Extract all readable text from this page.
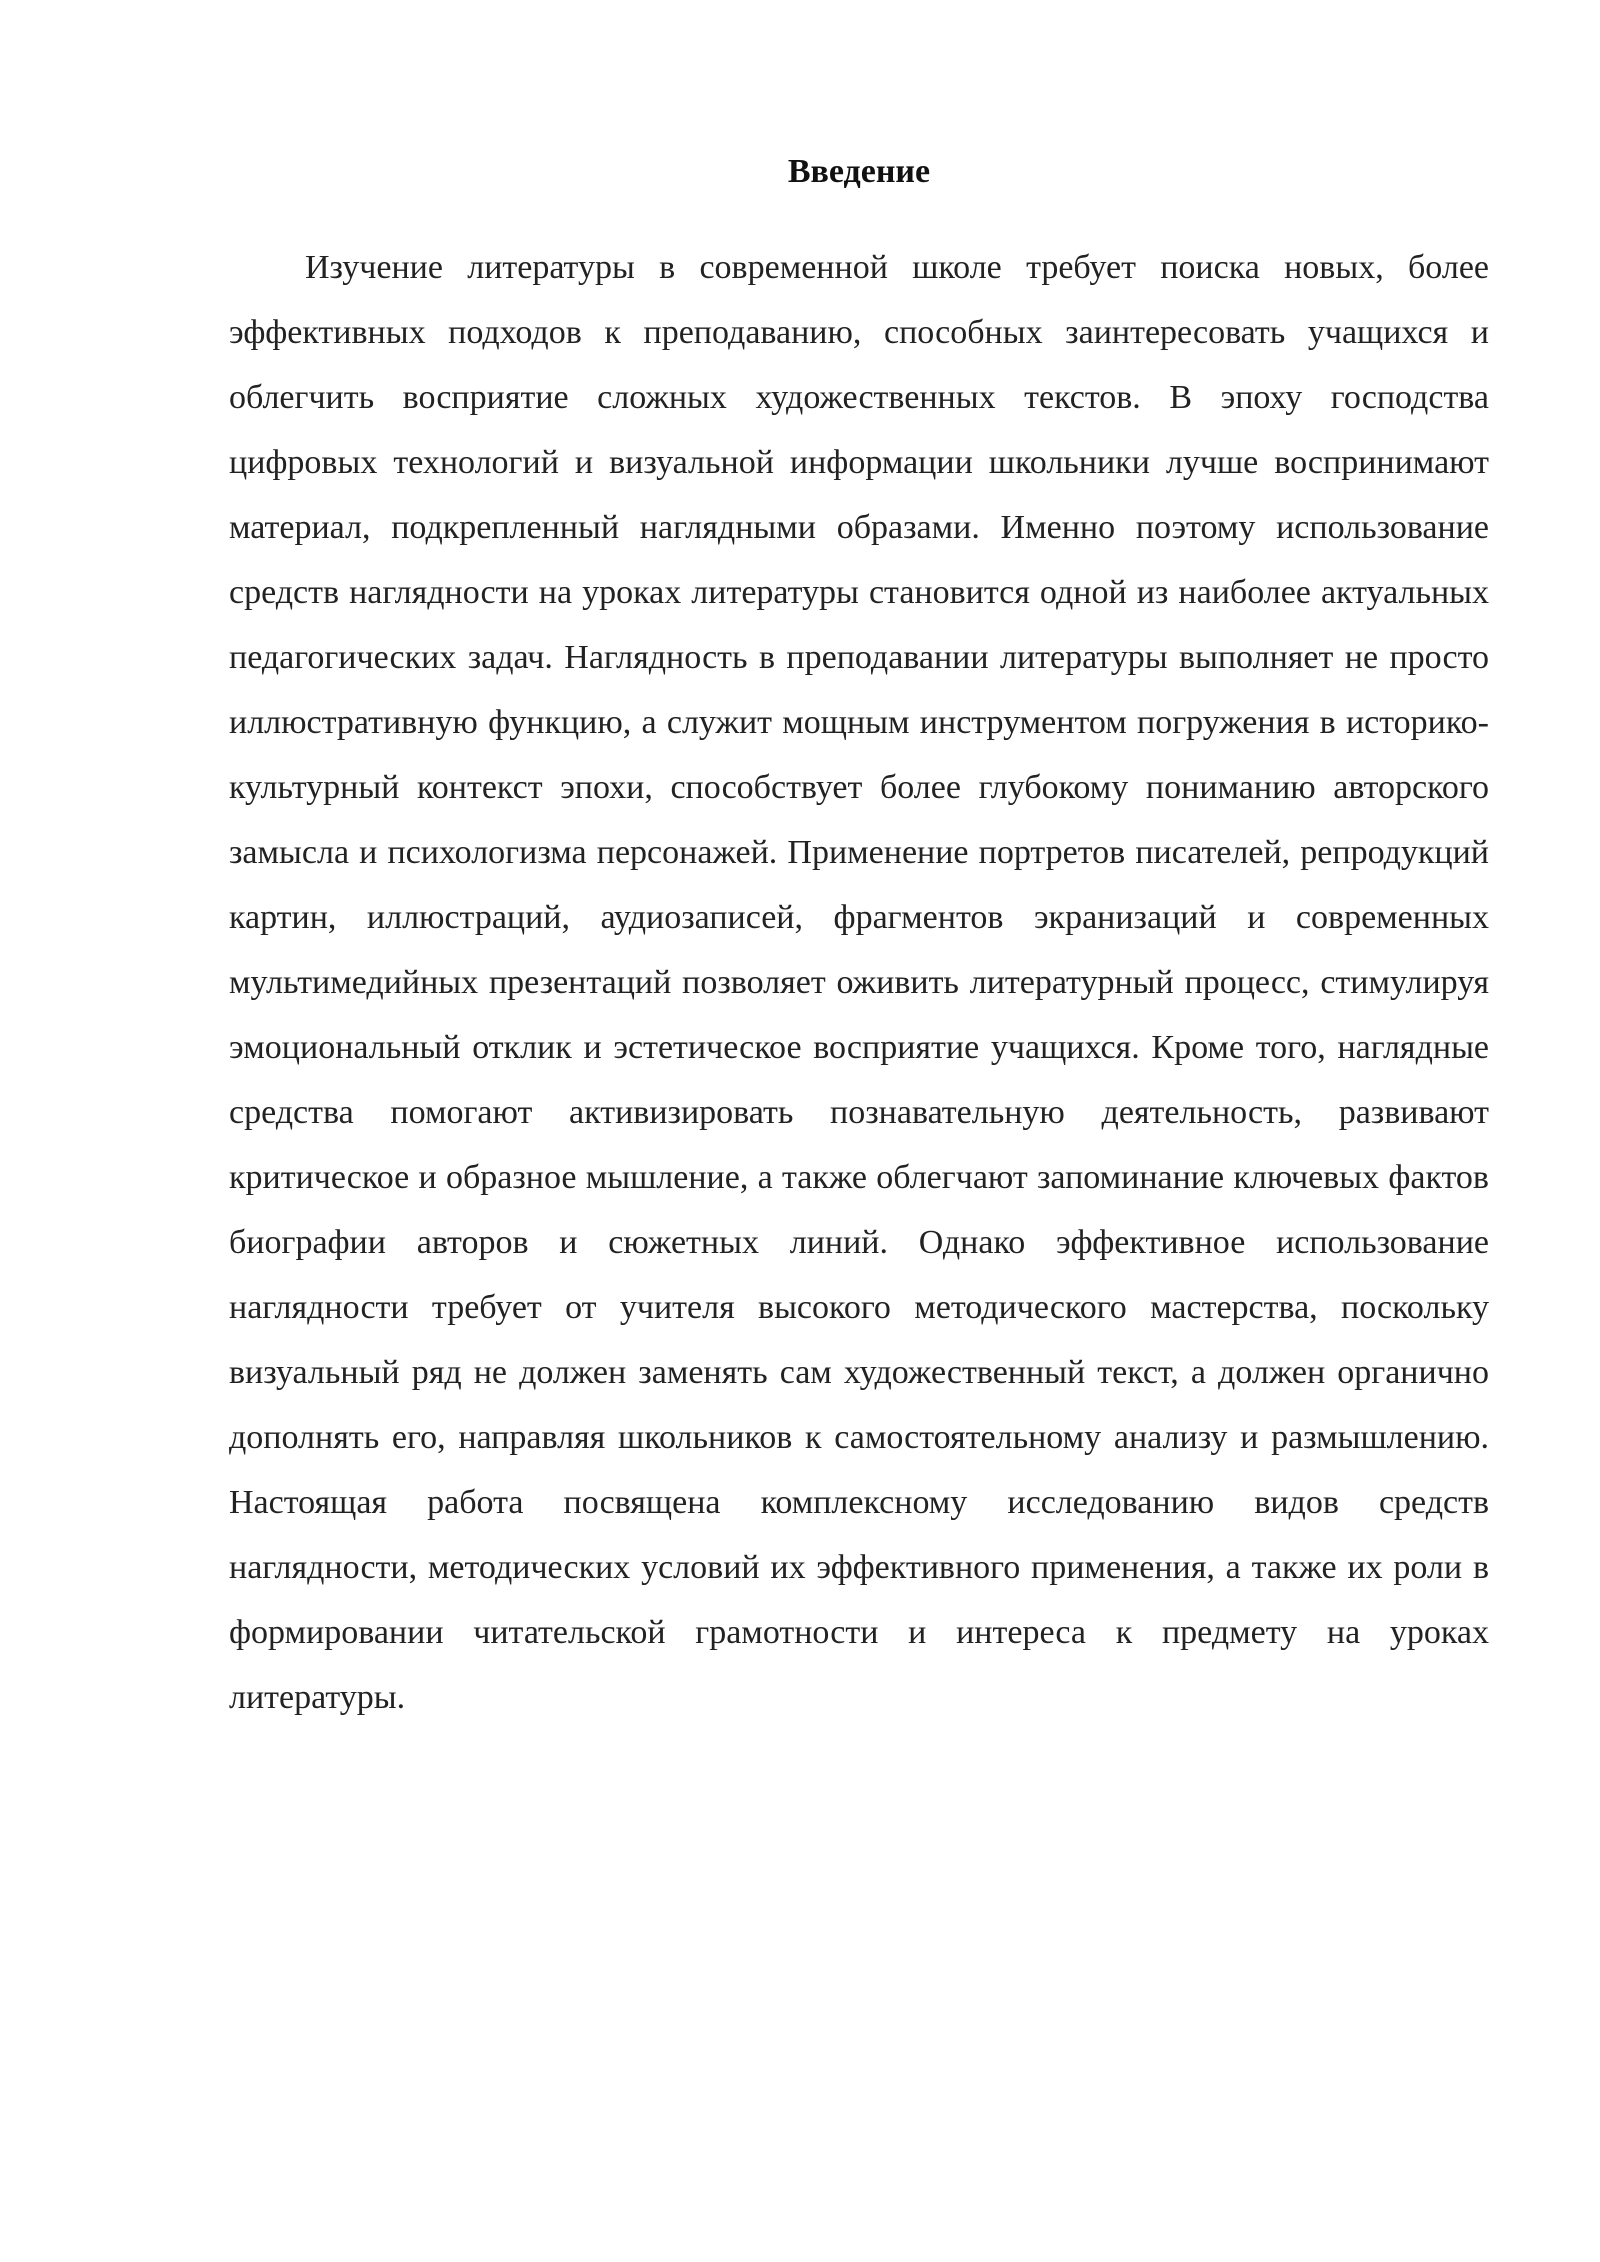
Введение

Изучение литературы в современной школе требует поиска новых, более эффективных подходов к преподаванию, способных заинтересовать учащихся и облегчить восприятие сложных художественных текстов. В эпоху господства цифровых технологий и визуальной информации школьники лучше воспринимают материал, подкрепленный наглядными образами. Именно поэтому использование средств наглядности на уроках литературы становится одной из наиболее актуальных педагогических задач. Наглядность в преподавании литературы выполняет не просто иллюстративную функцию, а служит мощным инструментом погружения в историко-культурный контекст эпохи, способствует более глубокому пониманию авторского замысла и психологизма персонажей. Применение портретов писателей, репродукций картин, иллюстраций, аудиозаписей, фрагментов экранизаций и современных мультимедийных презентаций позволяет оживить литературный процесс, стимулируя эмоциональный отклик и эстетическое восприятие учащихся. Кроме того, наглядные средства помогают активизировать познавательную деятельность, развивают критическое и образное мышление, а также облегчают запоминание ключевых фактов биографии авторов и сюжетных линий. Однако эффективное использование наглядности требует от учителя высокого методического мастерства, поскольку визуальный ряд не должен заменять сам художественный текст, а должен органично дополнять его, направляя школьников к самостоятельному анализу и размышлению. Настоящая работа посвящена комплексному исследованию видов средств наглядности, методических условий их эффективного применения, а также их роли в формировании читательской грамотности и интереса к предмету на уроках литературы.
